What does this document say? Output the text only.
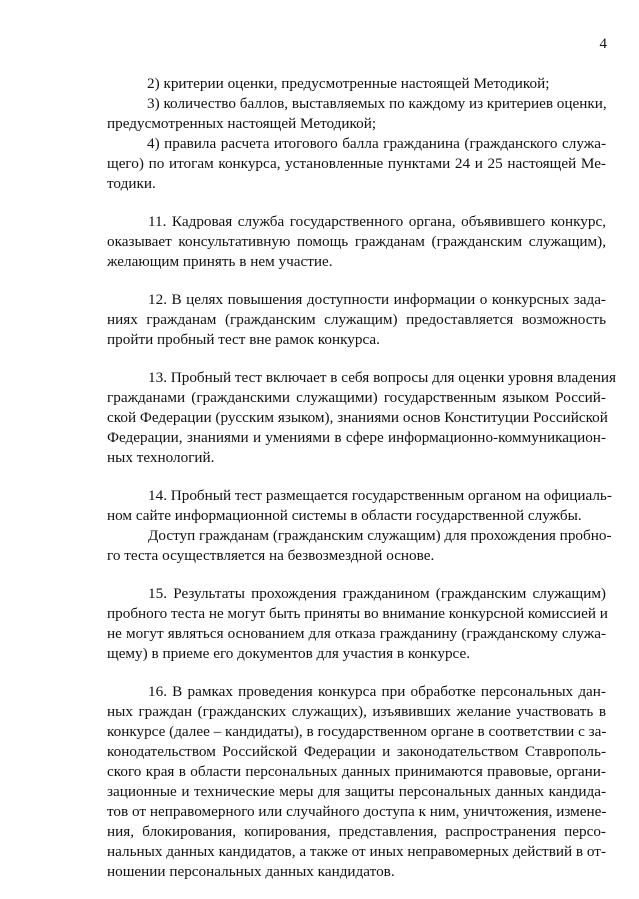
4
2) критерии оценки, предусмотренные настоящей Методикой;
3) количество баллов, выставляемых по каждому из критериев оценки,
предусмотренных настоящей Методикой;
4) правила расчета итогового балла гражданина (гражданского служа-
щего) по итогам конкурса, установленные пунктами 24 и 25 настоящей Ме-
тодики.
11. Кадровая служба государственного органа, объявившего конкурс,
оказывает консультативную помощь гражданам (гражданским служащим),
желающим принять в нем участие.
12. В целях повышения доступности информации о конкурсных зада-
ниях гражданам (гражданским служащим) предоставляется возможность
пройти пробный тест вне рамок конкурса.
13. Пробный тест включает в себя вопросы для оценки уровня владения
гражданами (гражданскими служащими) государственным языком Россий-
ской Федерации (русским языком), знаниями основ Конституции Российской
Федерации, знаниями и умениями в сфере информационно-коммуникацион-
ных технологий.
14. Пробный тест размещается государственным органом на официаль-
ном сайте информационной системы в области государственной службы.
Доступ гражданам (гражданским служащим) для прохождения пробно-
го теста осуществляется на безвозмездной основе.
15. Результаты прохождения гражданином (гражданским служащим)
пробного теста не могут быть приняты во внимание конкурсной комиссией и
не могут являться основанием для отказа гражданину (гражданскому служа-
щему) в приеме его документов для участия в конкурсе.
16. В рамках проведения конкурса при обработке персональных дан-
ных граждан (гражданских служащих), изъявивших желание участвовать в
конкурсе (далее – кандидаты), в государственном органе в соответствии с за-
конодательством Российской Федерации и законодательством Ставрополь-
ского края в области персональных данных принимаются правовые, органи-
зационные и технические меры для защиты персональных данных кандида-
тов от неправомерного или случайного доступа к ним, уничтожения, измене-
ния, блокирования, копирования, представления, распространения персо-
нальных данных кандидатов, а также от иных неправомерных действий в от-
ношении персональных данных кандидатов.
